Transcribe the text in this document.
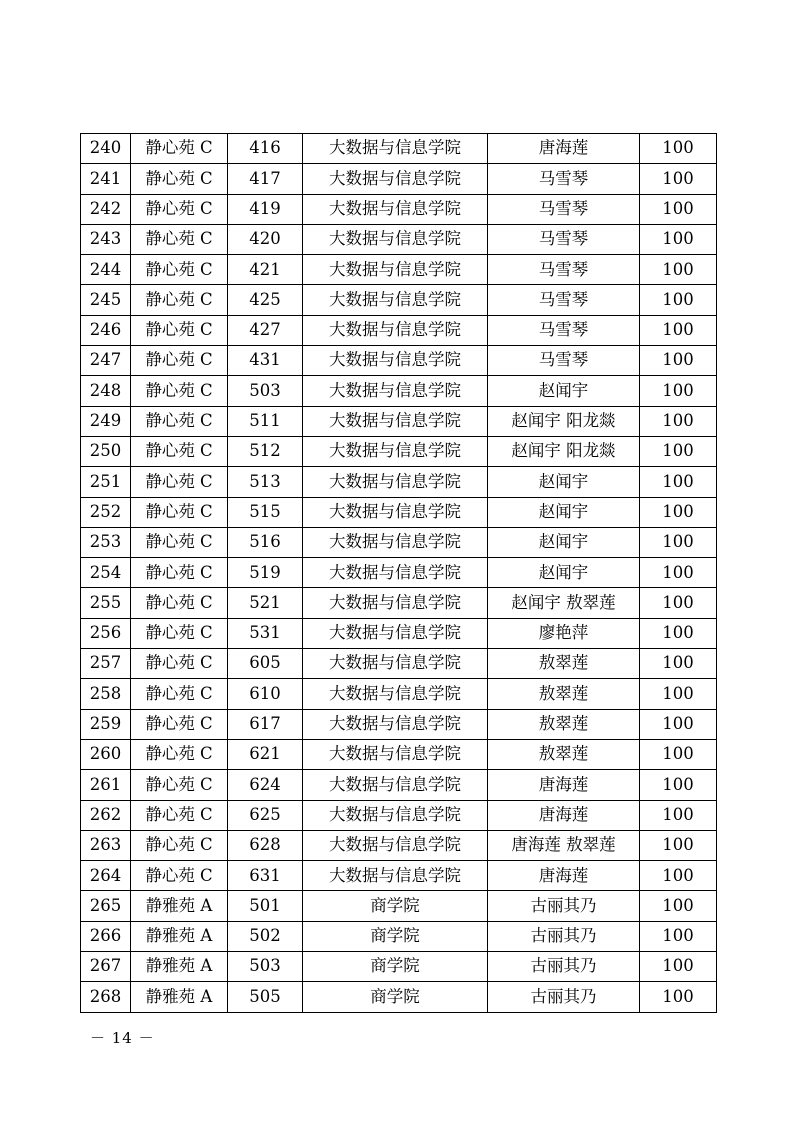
240	静心苑 C	416	大数据与信息学院	唐海莲	100
241	静心苑 C	417	大数据与信息学院	马雪琴	100
242	静心苑 C	419	大数据与信息学院	马雪琴	100
243	静心苑 C	420	大数据与信息学院	马雪琴	100
244	静心苑 C	421	大数据与信息学院	马雪琴	100
245	静心苑 C	425	大数据与信息学院	马雪琴	100
246	静心苑 C	427	大数据与信息学院	马雪琴	100
247	静心苑 C	431	大数据与信息学院	马雪琴	100
248	静心苑 C	503	大数据与信息学院	赵闻宇	100
249	静心苑 C	511	大数据与信息学院	赵闻宇 阳龙燚	100
250	静心苑 C	512	大数据与信息学院	赵闻宇 阳龙燚	100
251	静心苑 C	513	大数据与信息学院	赵闻宇	100
252	静心苑 C	515	大数据与信息学院	赵闻宇	100
253	静心苑 C	516	大数据与信息学院	赵闻宇	100
254	静心苑 C	519	大数据与信息学院	赵闻宇	100
255	静心苑 C	521	大数据与信息学院	赵闻宇 敖翠莲	100
256	静心苑 C	531	大数据与信息学院	廖艳萍	100
257	静心苑 C	605	大数据与信息学院	敖翠莲	100
258	静心苑 C	610	大数据与信息学院	敖翠莲	100
259	静心苑 C	617	大数据与信息学院	敖翠莲	100
260	静心苑 C	621	大数据与信息学院	敖翠莲	100
261	静心苑 C	624	大数据与信息学院	唐海莲	100
262	静心苑 C	625	大数据与信息学院	唐海莲	100
263	静心苑 C	628	大数据与信息学院	唐海莲 敖翠莲	100
264	静心苑 C	631	大数据与信息学院	唐海莲	100
265	静雅苑 A	501	商学院	古丽其乃	100
266	静雅苑 A	502	商学院	古丽其乃	100
267	静雅苑 A	503	商学院	古丽其乃	100
268	静雅苑 A	505	商学院	古丽其乃	100
－ 14 －
